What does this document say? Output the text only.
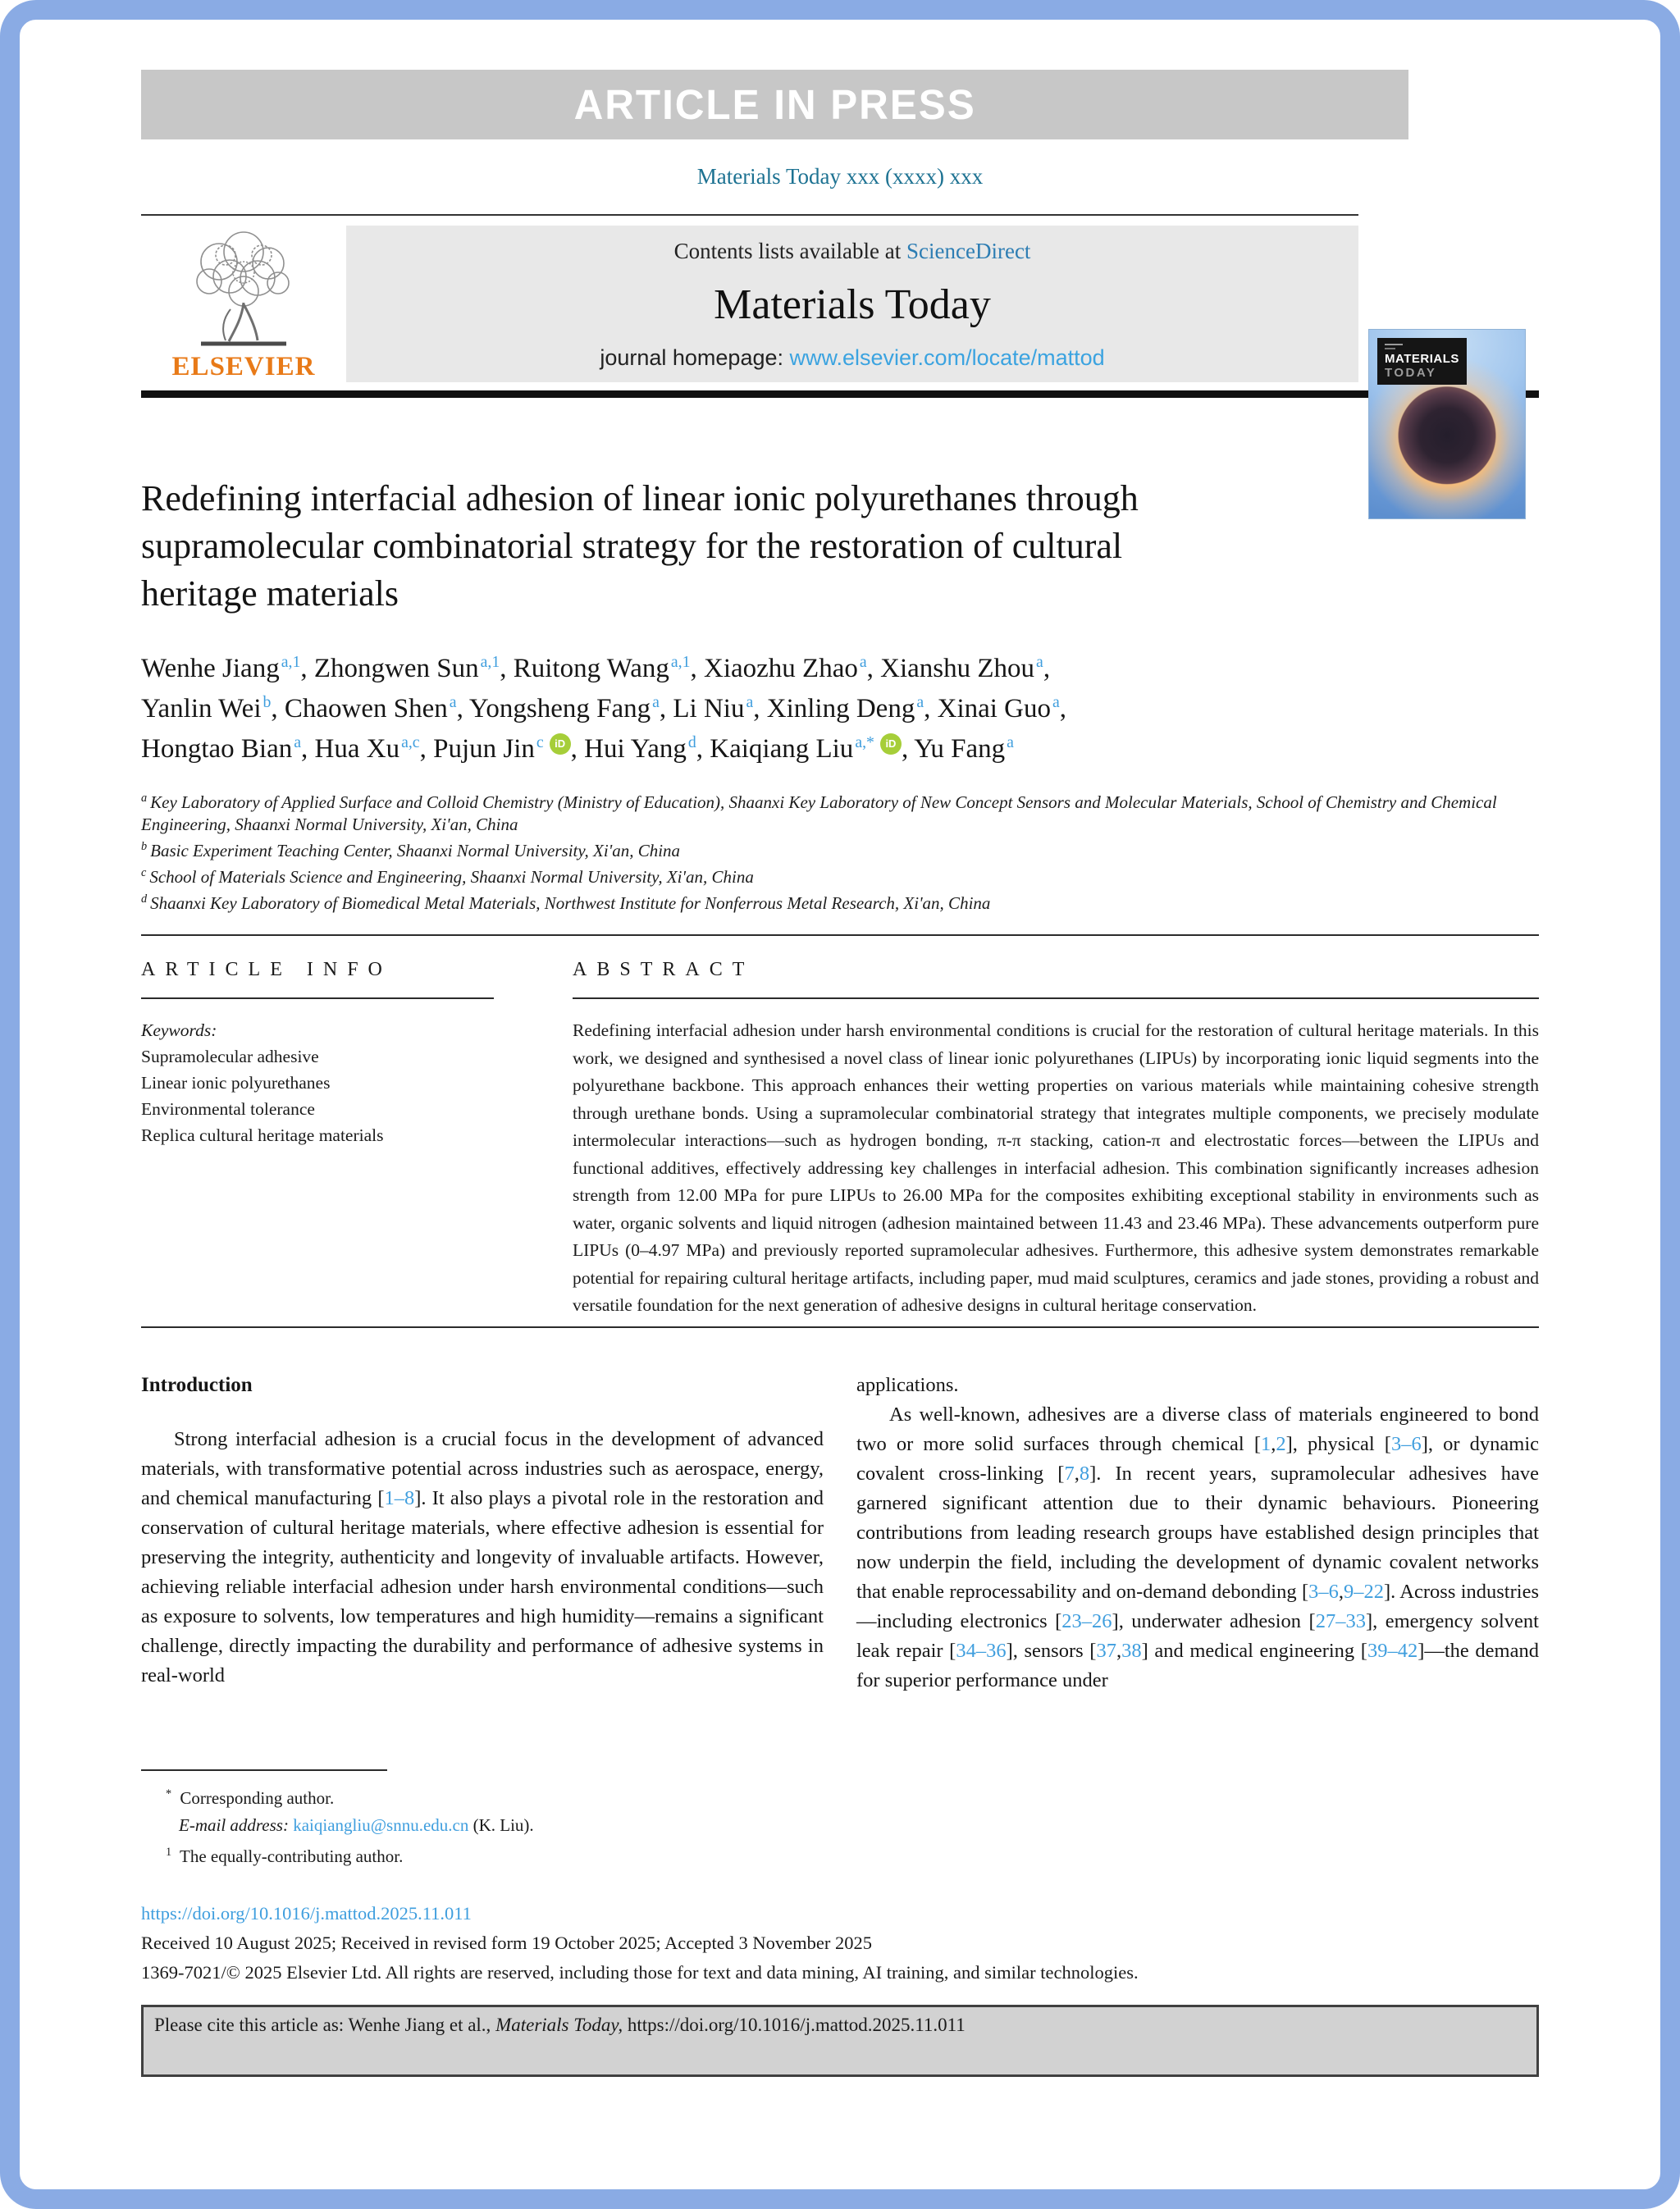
ARTICLE IN PRESS
Materials Today xxx (xxxx) xxx
ELSEVIER
Contents lists available at ScienceDirect
Materials Today
journal homepage: www.elsevier.com/locate/mattod	MATERIALS
TODAY
Redefining interfacial adhesion of linear ionic polyurethanes through
supramolecular combinatorial strategy for the restoration of cultural
heritage materials
Wenhe Jiang $^{a,1}$, Zhongwen Sun $^{a,1}$, Ruitong Wang $^{a,1}$, Xiaozhu Zhao $^a$, Xianshu Zhou $^a$,
Yanlin Wei $^b$, Chaowen Shen $^a$, Yongsheng Fang $^a$, Li Niu $^a$, Xinling Deng $^a$, Xinai Guo $^a$,
Hongtao Bian $^a$, Hua Xu $^{a,c}$, Pujun Jin $^c$ iD , Hui Yang $^d$, Kaiqiang Liu $^{a,*}$ iD , Yu Fang $^a$
$^a$ Key Laboratory of Applied Surface and Colloid Chemistry (Ministry of Education), Shaanxi Key Laboratory of New Concept Sensors and Molecular Materials, School of Chemistry and Chemical Engineering, Shaanxi Normal University, Xi'an, China
$^b$ Basic Experiment Teaching Center, Shaanxi Normal University, Xi'an, China
$^c$ School of Materials Science and Engineering, Shaanxi Normal University, Xi'an, China
$^d$ Shaanxi Key Laboratory of Biomedical Metal Materials, Northwest Institute for Nonferrous Metal Research, Xi'an, China
ARTICLE INFO
Keywords:
Supramolecular adhesive
Linear ionic polyurethanes
Environmental tolerance
Replica cultural heritage materials
ABSTRACT
Redefining interfacial adhesion under harsh environmental conditions is crucial for the restoration of cultural heritage materials. In this work, we designed and synthesised a novel class of linear ionic polyurethanes (LIPUs) by incorporating ionic liquid segments into the polyurethane backbone. This approach enhances their wetting properties on various materials while maintaining cohesive strength through urethane bonds. Using a supramolecular combinatorial strategy that integrates multiple components, we precisely modulate intermolecular interactions—such as hydrogen bonding, π-π stacking, cation-π and electrostatic forces—between the LIPUs and functional additives, effectively addressing key challenges in interfacial adhesion. This combination significantly increases adhesion strength from 12.00 MPa for pure LIPUs to 26.00 MPa for the composites exhibiting exceptional stability in environments such as water, organic solvents and liquid nitrogen (adhesion maintained between 11.43 and 23.46 MPa). These advancements outperform pure LIPUs (0–4.97 MPa) and previously reported supramolecular adhesives. Furthermore, this adhesive system demonstrates remarkable potential for repairing cultural heritage artifacts, including paper, mud maid sculptures, ceramics and jade stones, providing a robust and versatile foundation for the next generation of adhesive designs in cultural heritage conservation.
Introduction
Strong interfacial adhesion is a crucial focus in the development of advanced materials, with transformative potential across industries such as aerospace, energy, and chemical manufacturing [1–8]. It also plays a pivotal role in the restoration and conservation of cultural heritage materials, where effective adhesion is essential for preserving the integrity, authenticity and longevity of invaluable artifacts. However, achieving reliable interfacial adhesion under harsh environmental conditions—such as exposure to solvents, low temperatures and high humidity—remains a significant challenge, directly impacting the durability and performance of adhesive systems in real-world
applications.
As well-known, adhesives are a diverse class of materials engineered to bond two or more solid surfaces through chemical [1,2], physical [3–6], or dynamic covalent cross-linking [7,8]. In recent years, supramolecular adhesives have garnered significant attention due to their dynamic behaviours. Pioneering contributions from leading research groups have established design principles that now underpin the field, including the development of dynamic covalent networks that enable reprocessability and on-demand debonding [3–6,9–22]. Across industries—including electronics [23–26], underwater adhesion [27–33], emergency solvent leak repair [34–36], sensors [37,38] and medical engineering [39–42]—the demand for superior performance under
* Corresponding author.
E-mail address: kaiqiangliu@snnu.edu.cn (K. Liu).
$^1$ The equally-contributing author.
https://doi.org/10.1016/j.mattod.2025.11.011
Received 10 August 2025; Received in revised form 19 October 2025; Accepted 3 November 2025
1369-7021/© 2025 Elsevier Ltd. All rights are reserved, including those for text and data mining, AI training, and similar technologies.
Please cite this article as: Wenhe Jiang et al., Materials Today, https://doi.org/10.1016/j.mattod.2025.11.011
